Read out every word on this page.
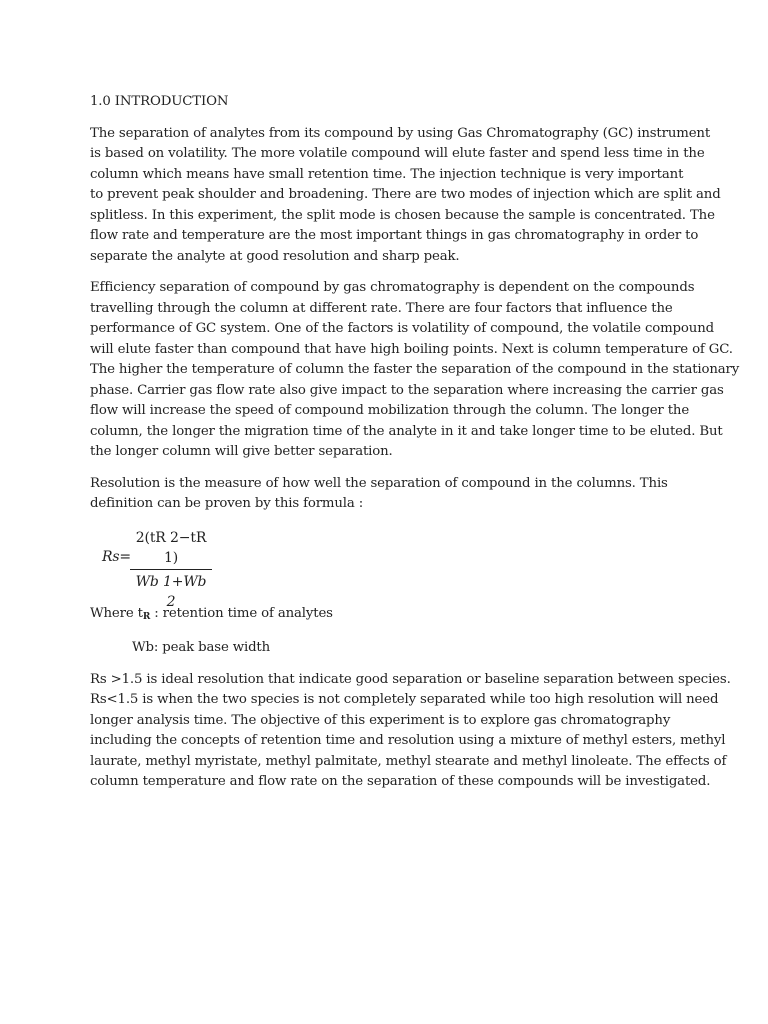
1.0 INTRODUCTION
The separation of analytes from its compound by using Gas Chromatography (GC) instrument
is based on volatility. The more volatile compound will elute faster and spend less time in the
column which means have small retention time. The injection technique is very important
to prevent peak shoulder and broadening. There are two modes of injection which are split and
splitless. In this experiment, the split mode is chosen because the sample is concentrated. The
flow rate and temperature are the most important things in gas chromatography in order to
separate the analyte at good resolution and sharp peak.
Efficiency separation of compound by gas chromatography is dependent on the compounds
travelling through the column at different rate. There are four factors that influence the
performance of GC system. One of the factors is volatility of compound, the volatile compound
will elute faster than compound that have high boiling points. Next is column temperature of GC.
The higher the temperature of column the faster the separation of the compound in the stationary
phase. Carrier gas flow rate also give impact to the separation where increasing the carrier gas
flow will increase the speed of compound mobilization through the column. The longer the
column, the longer the migration time of the analyte in it and take longer time to be eluted. But
the longer column will give better separation.
Resolution is the measure of how well the separation of compound in the columns. This
definition can be proven by this formula :
Rs=
2(tR 2−tR 1)
Wb 1+Wb 2
Where $t_R$ : retention time of analytes
Wb: peak base width
Rs >1.5 is ideal resolution that indicate good separation or baseline separation between species.
Rs<1.5 is when the two species is not completely separated while too high resolution will need
longer analysis time. The objective of this experiment is to explore gas chromatography
including the concepts of retention time and resolution using a mixture of methyl esters, methyl
laurate, methyl myristate, methyl palmitate, methyl stearate and methyl linoleate. The effects of
column temperature and flow rate on the separation of these compounds will be investigated.
